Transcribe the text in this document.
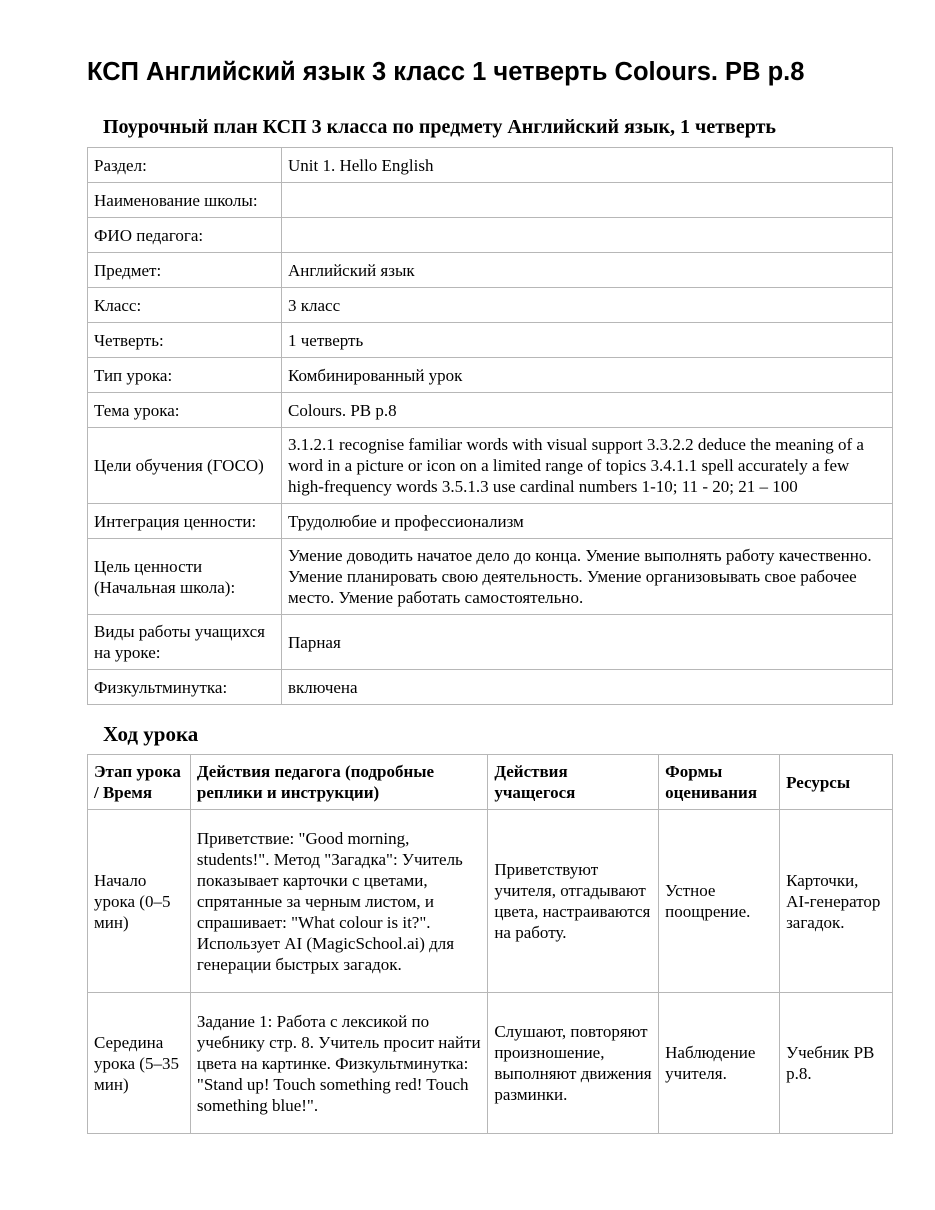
КСП Английский язык 3 класс 1 четверть Colours. PB p.8
Поурочный план КСП 3 класса по предмету Английский язык, 1 четверть
Раздел:	Unit 1. Hello English
Наименование школы:	
ФИО педагога:	
Предмет:	Английский язык
Класс:	3 класс
Четверть:	1 четверть
Тип урока:	Комбинированный урок
Тема урока:	Colours. PB p.8
Цели обучения (ГОСО)	3.1.2.1 recognise familiar words with visual support 3.3.2.2 deduce the meaning of a word in a picture or icon on a limited range of topics 3.4.1.1 spell accurately a few high-frequency words 3.5.1.3 use cardinal numbers 1-10; 11 - 20; 21 – 100
Интеграция ценности:	Трудолюбие и профессионализм
Цель ценности (Начальная школа):	Умение доводить начатое дело до конца. Умение выполнять работу качественно. Умение планировать свою деятельность. Умение организовывать свое рабочее место. Умение работать самостоятельно.
Виды работы учащихся на уроке:	Парная
Физкультминутка:	включена
Ход урока
Этап урока / Время	Действия педагога (подробные реплики и инструкции)	Действия учащегося	Формы оценивания	Ресурсы
Начало урока (0–5 мин)	Приветствие: "Good morning, students!". Метод "Загадка": Учитель показывает карточки с цветами, спрятанные за черным листом, и спрашивает: "What colour is it?". Использует AI (MagicSchool.ai) для генерации быстрых загадок.	Приветствуют учителя, отгадывают цвета, настраиваются на работу.	Устное поощрение.	Карточки, AI-генератор загадок.
Середина урока (5–35 мин)	Задание 1: Работа с лексикой по учебнику стр. 8. Учитель просит найти цвета на картинке. Физкультминутка: "Stand up! Touch something red! Touch something blue!".	Слушают, повторяют произношение, выполняют движения разминки.	Наблюдение учителя.	Учебник PB p.8.
